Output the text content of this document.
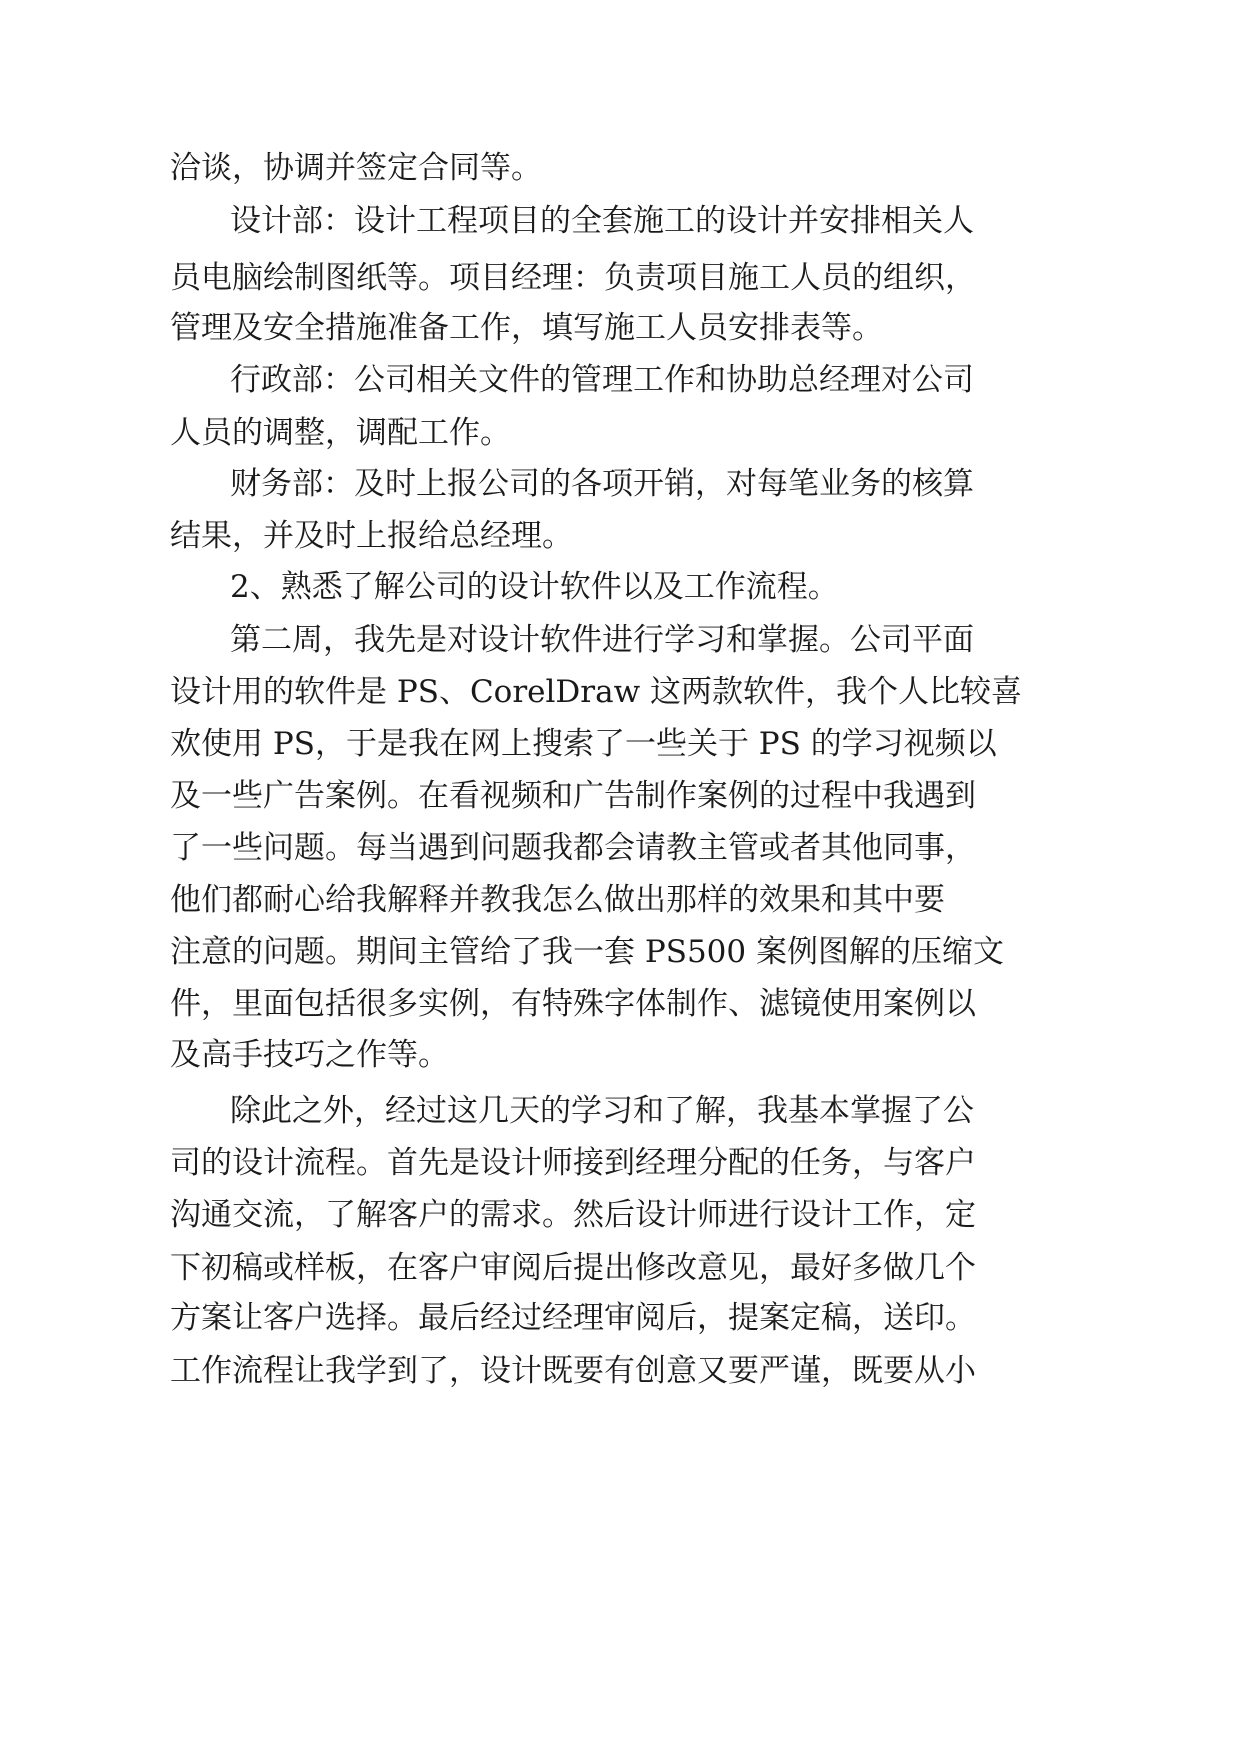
洽谈，协调并签定合同等。

设计部：设计工程项目的全套施工的设计并安排相关人

员电脑绘制图纸等。项目经理：负责项目施工人员的组织，

管理及安全措施准备工作，填写施工人员安排表等。

行政部：公司相关文件的管理工作和协助总经理对公司

人员的调整，调配工作。

财务部：及时上报公司的各项开销，对每笔业务的核算

结果，并及时上报给总经理。

2、熟悉了解公司的设计软件以及工作流程。

第二周，我先是对设计软件进行学习和掌握。公司平面

设计用的软件是 PS、CorelDraw 这两款软件，我个人比较喜

欢使用 PS，于是我在网上搜索了一些关于 PS 的学习视频以

及一些广告案例。在看视频和广告制作案例的过程中我遇到

了一些问题。每当遇到问题我都会请教主管或者其他同事，

他们都耐心给我解释并教我怎么做出那样的效果和其中要

注意的问题。期间主管给了我一套 PS500 案例图解的压缩文

件，里面包括很多实例，有特殊字体制作、滤镜使用案例以

及高手技巧之作等。

除此之外，经过这几天的学习和了解，我基本掌握了公

司的设计流程。首先是设计师接到经理分配的任务，与客户

沟通交流，了解客户的需求。然后设计师进行设计工作，定

下初稿或样板，在客户审阅后提出修改意见，最好多做几个

方案让客户选择。最后经过经理审阅后，提案定稿，送印。

工作流程让我学到了，设计既要有创意又要严谨，既要从小
